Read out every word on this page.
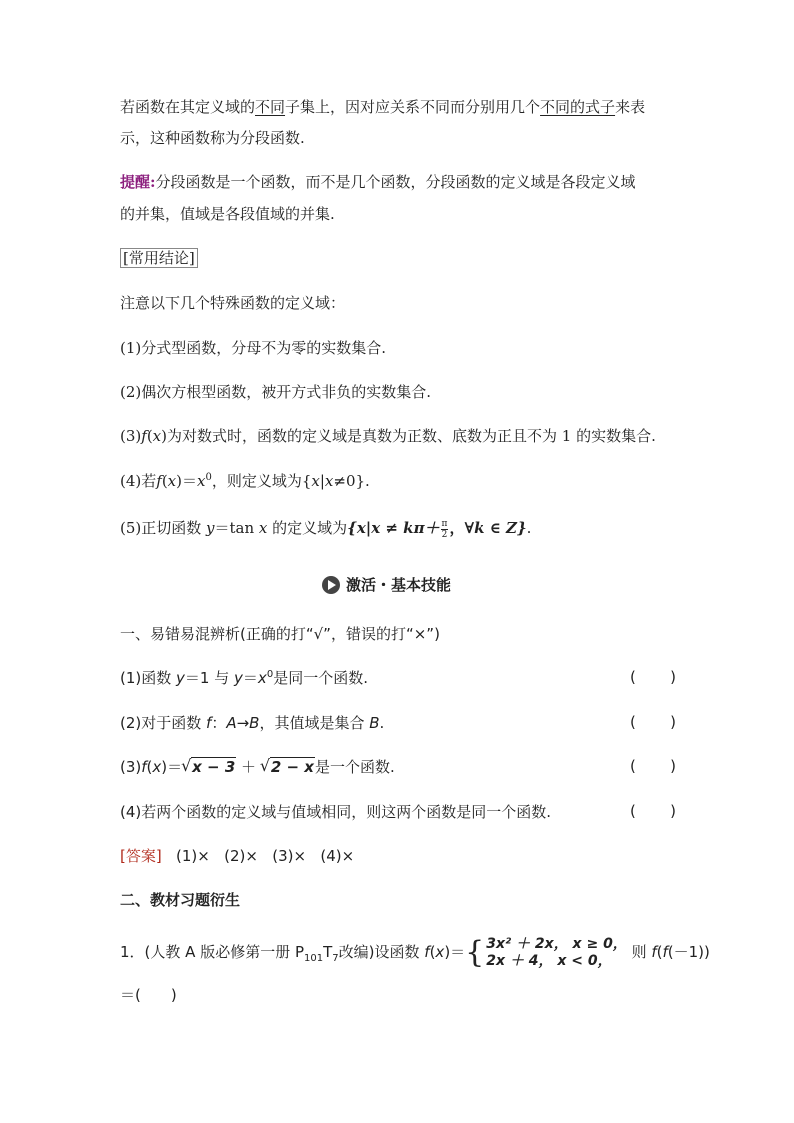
若函数在其定义域的不同子集上，因对应关系不同而分别用几个不同的式子来表
示，这种函数称为分段函数.
提醒:分段函数是一个函数，而不是几个函数，分段函数的定义域是各段定义域
的并集，值域是各段值域的并集.
[常用结论]
注意以下几个特殊函数的定义域：
(1)分式型函数，分母不为零的实数集合.
(2)偶次方根型函数，被开方式非负的实数集合.
(3)f(x)为对数式时，函数的定义域是真数为正数、底数为正且不为 1 的实数集合.
(4)若$f(x)=x^0$，则定义域为{x|x≠0}.
(5)正切函数 y＝tan x 的定义域为{$x|x \ne k\pi+ \frac{\pi}{2}$ ，∀k ∈ Z}.
激活・基本技能
一、易错易混辨析(正确的打“√”，错误的打“×”)
(1)函数 y＝1 与 $y=x^0$是同一个函数.	( )
(2)对于函数 f：A→B，其值域是集合 B.	( )
(3)f(x)＝√ x − 3 ＋ √ 2 − x是一个函数.	( )
(4)若两个函数的定义域与值域相同，则这两个函数是同一个函数.	( )
[答案] (1)×   (2)×   (3)×   (4)×
二、教材习题衍生
1．(人教 A 版必修第一册 $P_{101}T_7$改编)设函数 f(x)＝{ 3x² ＋ 2x， x ≥ 0，
2x ＋ 4， x < 0，	则 f(f(－1))
＝(　　)
